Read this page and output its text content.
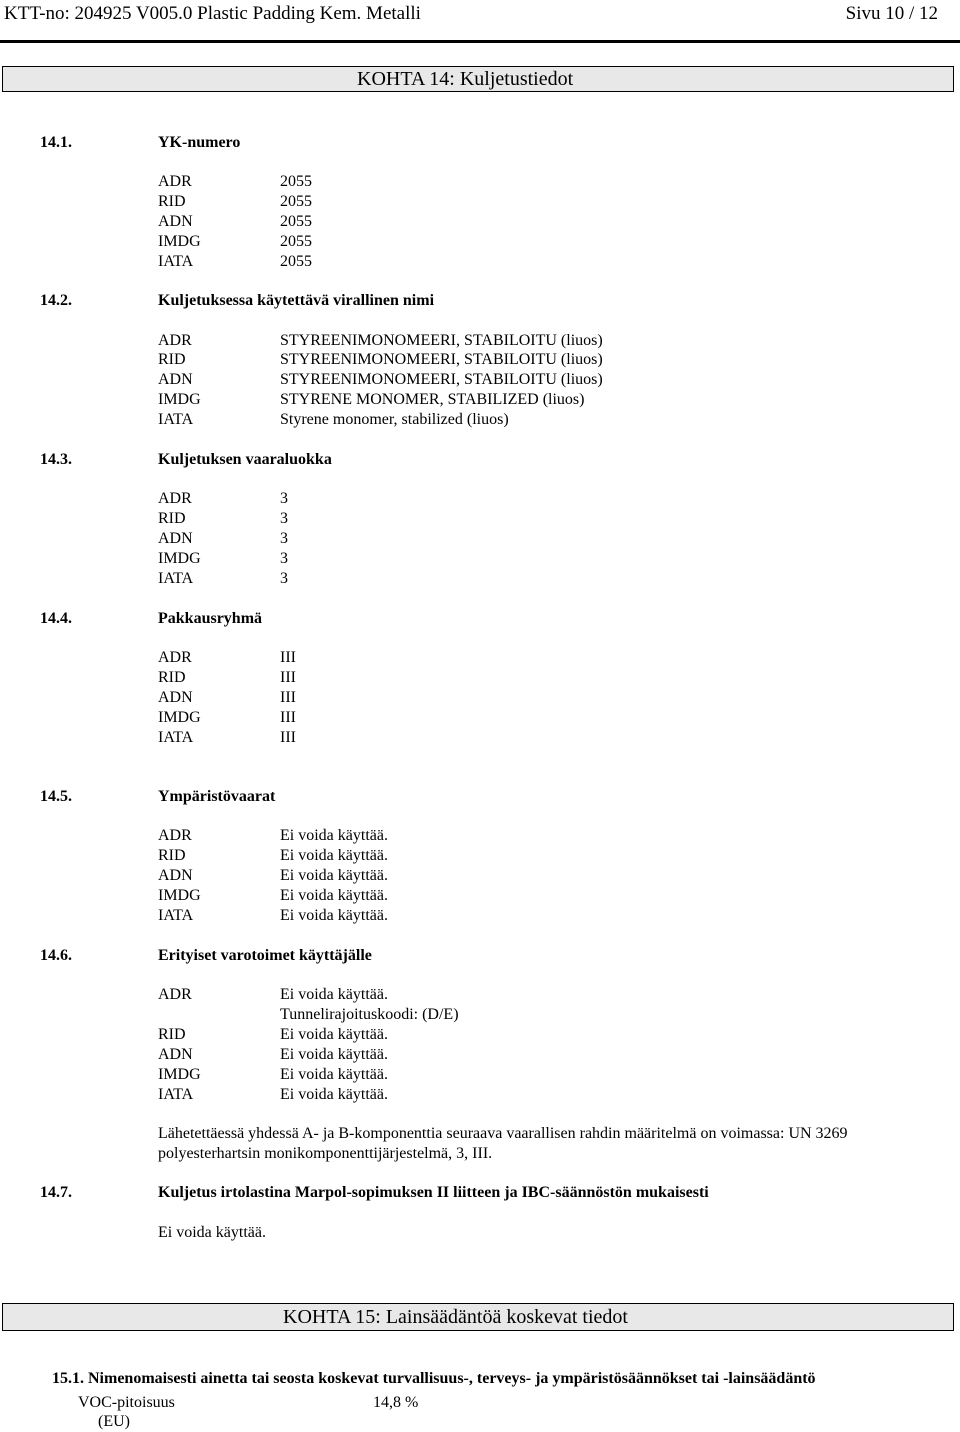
KTT-no: 204925 V005.0 Plastic Padding Kem. Metalli	Sivu 10 / 12
KOHTA 14: Kuljetustiedot
14.1.	YK-numero
ADR	2055
RID	2055
ADN	2055
IMDG	2055
IATA	2055
14.2.	Kuljetuksessa käytettävä virallinen nimi
ADR	STYREENIMONOMEERI, STABILOITU (liuos)
RID	STYREENIMONOMEERI, STABILOITU (liuos)
ADN	STYREENIMONOMEERI, STABILOITU (liuos)
IMDG	STYRENE MONOMER, STABILIZED (liuos)
IATA	Styrene monomer, stabilized (liuos)
14.3.	Kuljetuksen vaaraluokka
ADR	3
RID	3
ADN	3
IMDG	3
IATA	3
14.4.	Pakkausryhmä
ADR	III
RID	III
ADN	III
IMDG	III
IATA	III
14.5.	Ympäristövaarat
ADR	Ei voida käyttää.
RID	Ei voida käyttää.
ADN	Ei voida käyttää.
IMDG	Ei voida käyttää.
IATA	Ei voida käyttää.
14.6.	Erityiset varotoimet käyttäjälle
ADR	Ei voida käyttää.
Tunnelirajoituskoodi: (D/E)
RID	Ei voida käyttää.
ADN	Ei voida käyttää.
IMDG	Ei voida käyttää.
IATA	Ei voida käyttää.
Lähetettäessä yhdessä A- ja B-komponenttia seuraava vaarallisen rahdin määritelmä on voimassa: UN 3269 polyesterhartsin monikomponenttijärjestelmä, 3, III.
14.7.	Kuljetus irtolastina Marpol-sopimuksen II liitteen ja IBC-säännöstön mukaisesti
Ei voida käyttää.
KOHTA 15: Lainsäädäntöä koskevat tiedot
15.1. Nimenomaisesti ainetta tai seosta koskevat turvallisuus-, terveys- ja ympäristösäännökset tai -lainsäädäntö
VOC-pitoisuus	14,8 %
(EU)
